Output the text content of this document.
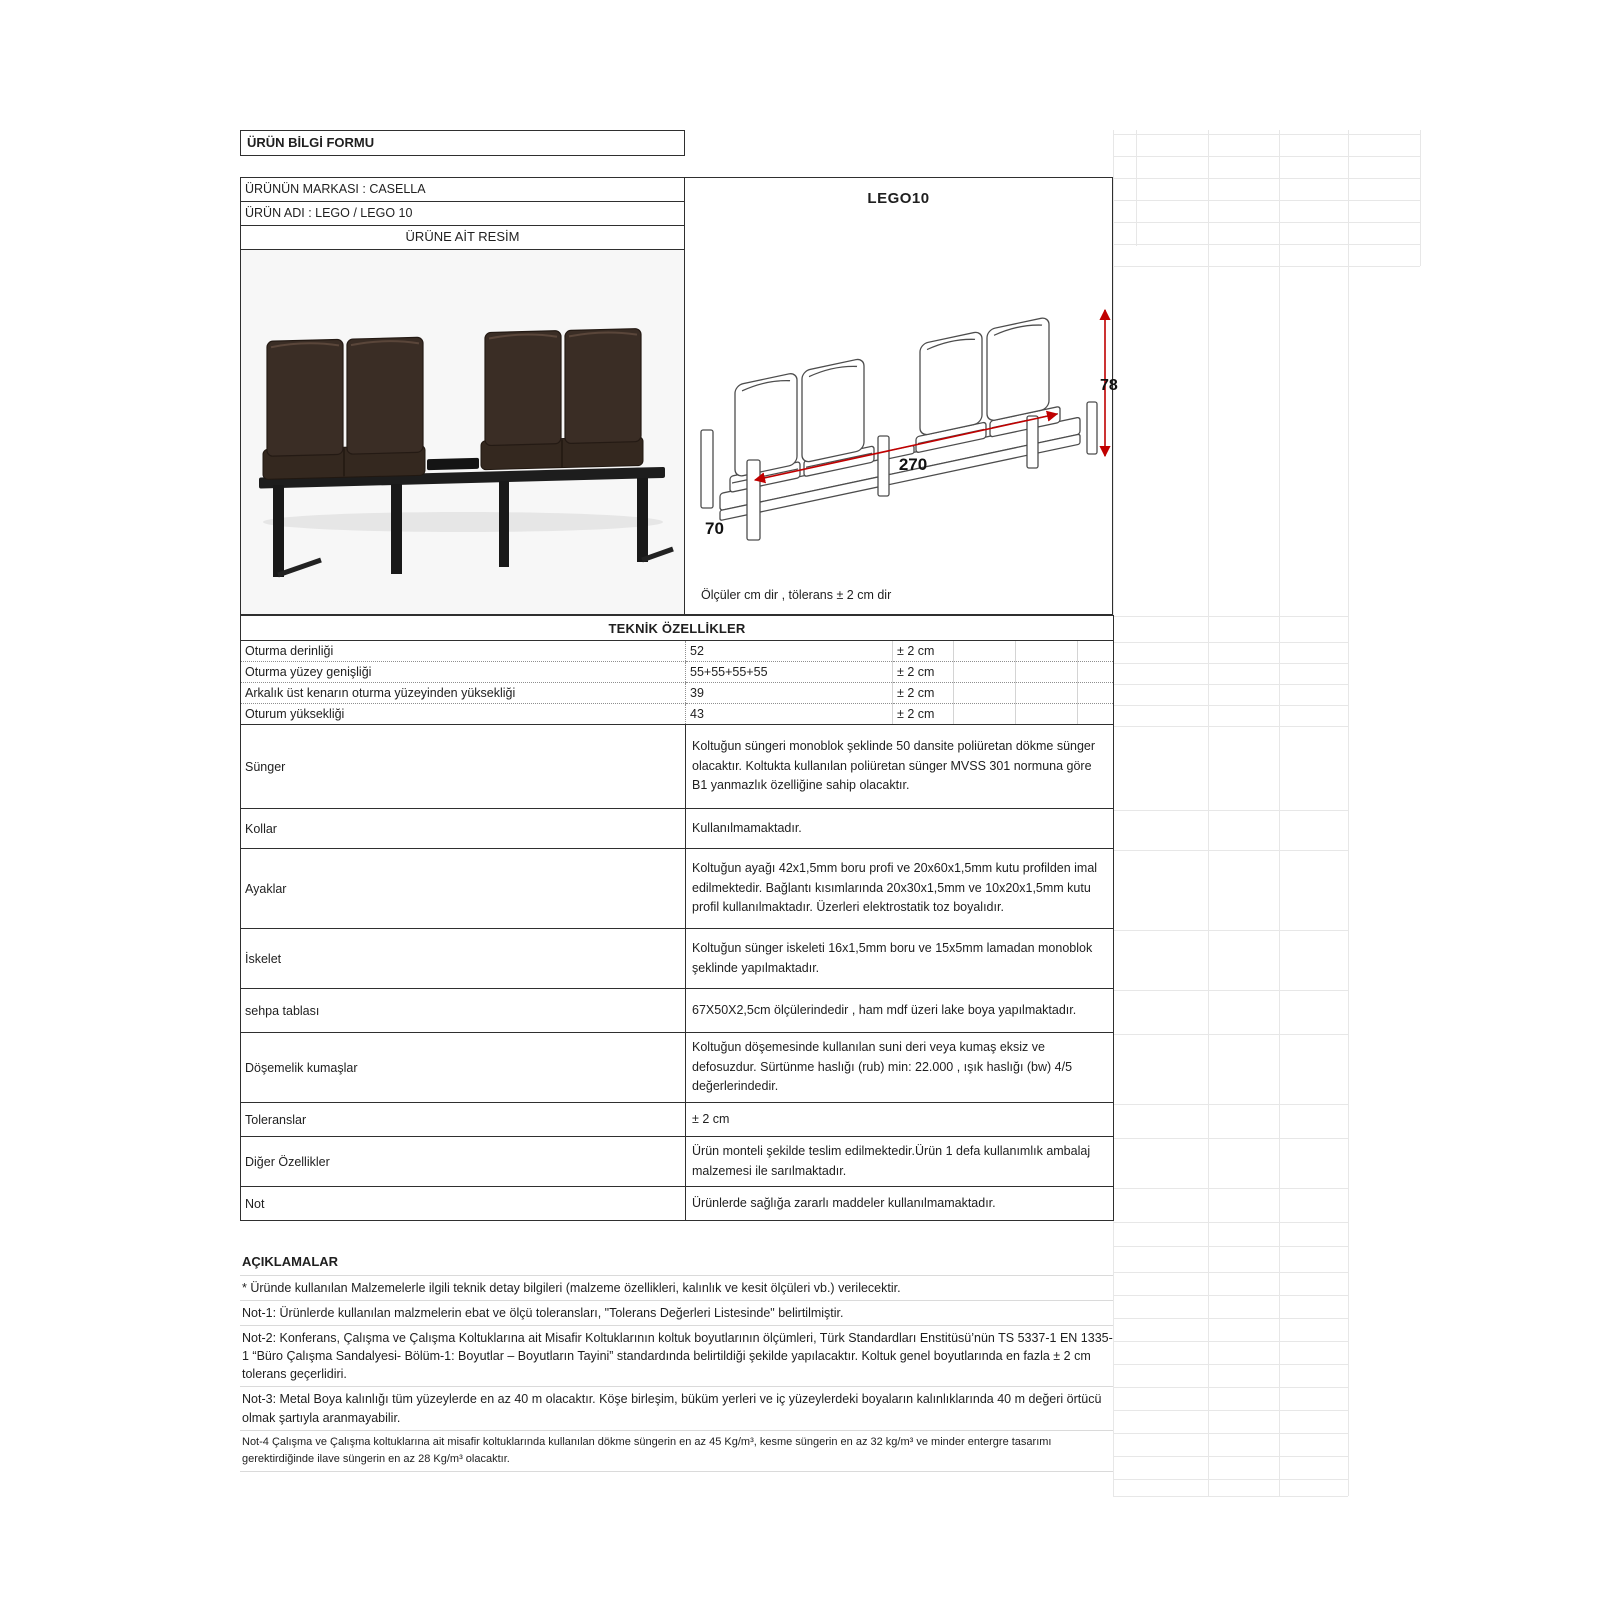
ÜRÜN BİLGİ FORMU
ÜRÜNÜN MARKASI : CASELLA
ÜRÜN ADI : LEGO / LEGO 10
ÜRÜNE AİT RESİM
LEGO10
78
270
70
Ölçüler cm dir , tölerans ± 2 cm dir
TEKNİK ÖZELLİKLER					
Oturma derinliği	52	± 2 cm			
Oturma yüzey genişliği	55+55+55+55	± 2 cm			
Arkalık üst kenarın oturma yüzeyinden yüksekliği	39	± 2 cm			
Oturum yüksekliği	43	± 2 cm			
Sünger	Koltuğun süngeri monoblok şeklinde 50 dansite poliüretan dökme sünger olacaktır. Koltukta kullanılan poliüretan sünger MVSS 301 normuna göre B1 yanmazlık özelliğine sahip olacaktır.				
Kollar	Kullanılmamaktadır.				
Ayaklar	Koltuğun ayağı 42x1,5mm boru profi ve 20x60x1,5mm kutu profilden imal edilmektedir. Bağlantı kısımlarında 20x30x1,5mm ve 10x20x1,5mm kutu profil kullanılmaktadır. Üzerleri elektrostatik toz boyalıdır.				
İskelet	Koltuğun sünger iskeleti 16x1,5mm boru ve 15x5mm lamadan monoblok şeklinde yapılmaktadır.				
sehpa tablası	67X50X2,5cm ölçülerindedir , ham mdf üzeri lake boya yapılmaktadır.				
Döşemelik kumaşlar	Koltuğun döşemesinde kullanılan suni deri veya kumaş eksiz ve defosuzdur. Sürtünme haslığı (rub) min: 22.000 , ışık haslığı (bw) 4/5 değerlerindedir.				
Toleranslar	± 2 cm				
Diğer Özellikler	Ürün monteli şekilde teslim edilmektedir.Ürün 1 defa kullanımlık ambalaj malzemesi ile sarılmaktadır.				
Not	Ürünlerde sağlığa zararlı maddeler kullanılmamaktadır.				
AÇIKLAMALAR
* Üründe kullanılan Malzemelerle ilgili teknik detay bilgileri (malzeme özellikleri, kalınlık ve kesit ölçüleri vb.) verilecektir.
Not-1: Ürünlerde kullanılan malzmelerin ebat ve ölçü toleransları, "Tolerans Değerleri Listesinde" belirtilmiştir.
Not-2: Konferans, Çalışma ve Çalışma Koltuklarına ait Misafir Koltuklarının koltuk boyutlarının ölçümleri, Türk Standardları Enstitüsü’nün TS 5337-1 EN 1335-1 “Büro Çalışma Sandalyesi- Bölüm-1: Boyutlar – Boyutların Tayini” standardında belirtildiği şekilde yapılacaktır. Koltuk genel boyutlarında en fazla ± 2 cm tolerans geçerlidiri.
Not-3: Metal Boya kalınlığı tüm yüzeylerde en az 40 m olacaktır. Köşe birleşim, büküm yerleri ve iç yüzeylerdeki boyaların kalınlıklarında 40 m değeri örtücü olmak şartıyla aranmayabilir.
Not-4 Çalışma ve Çalışma koltuklarına ait misafir koltuklarında kullanılan dökme süngerin en az 45 Kg/m³, kesme süngerin en az 32 kg/m³ ve minder entergre tasarımı gerektirdiğinde ilave süngerin en az 28 Kg/m³ olacaktır.
